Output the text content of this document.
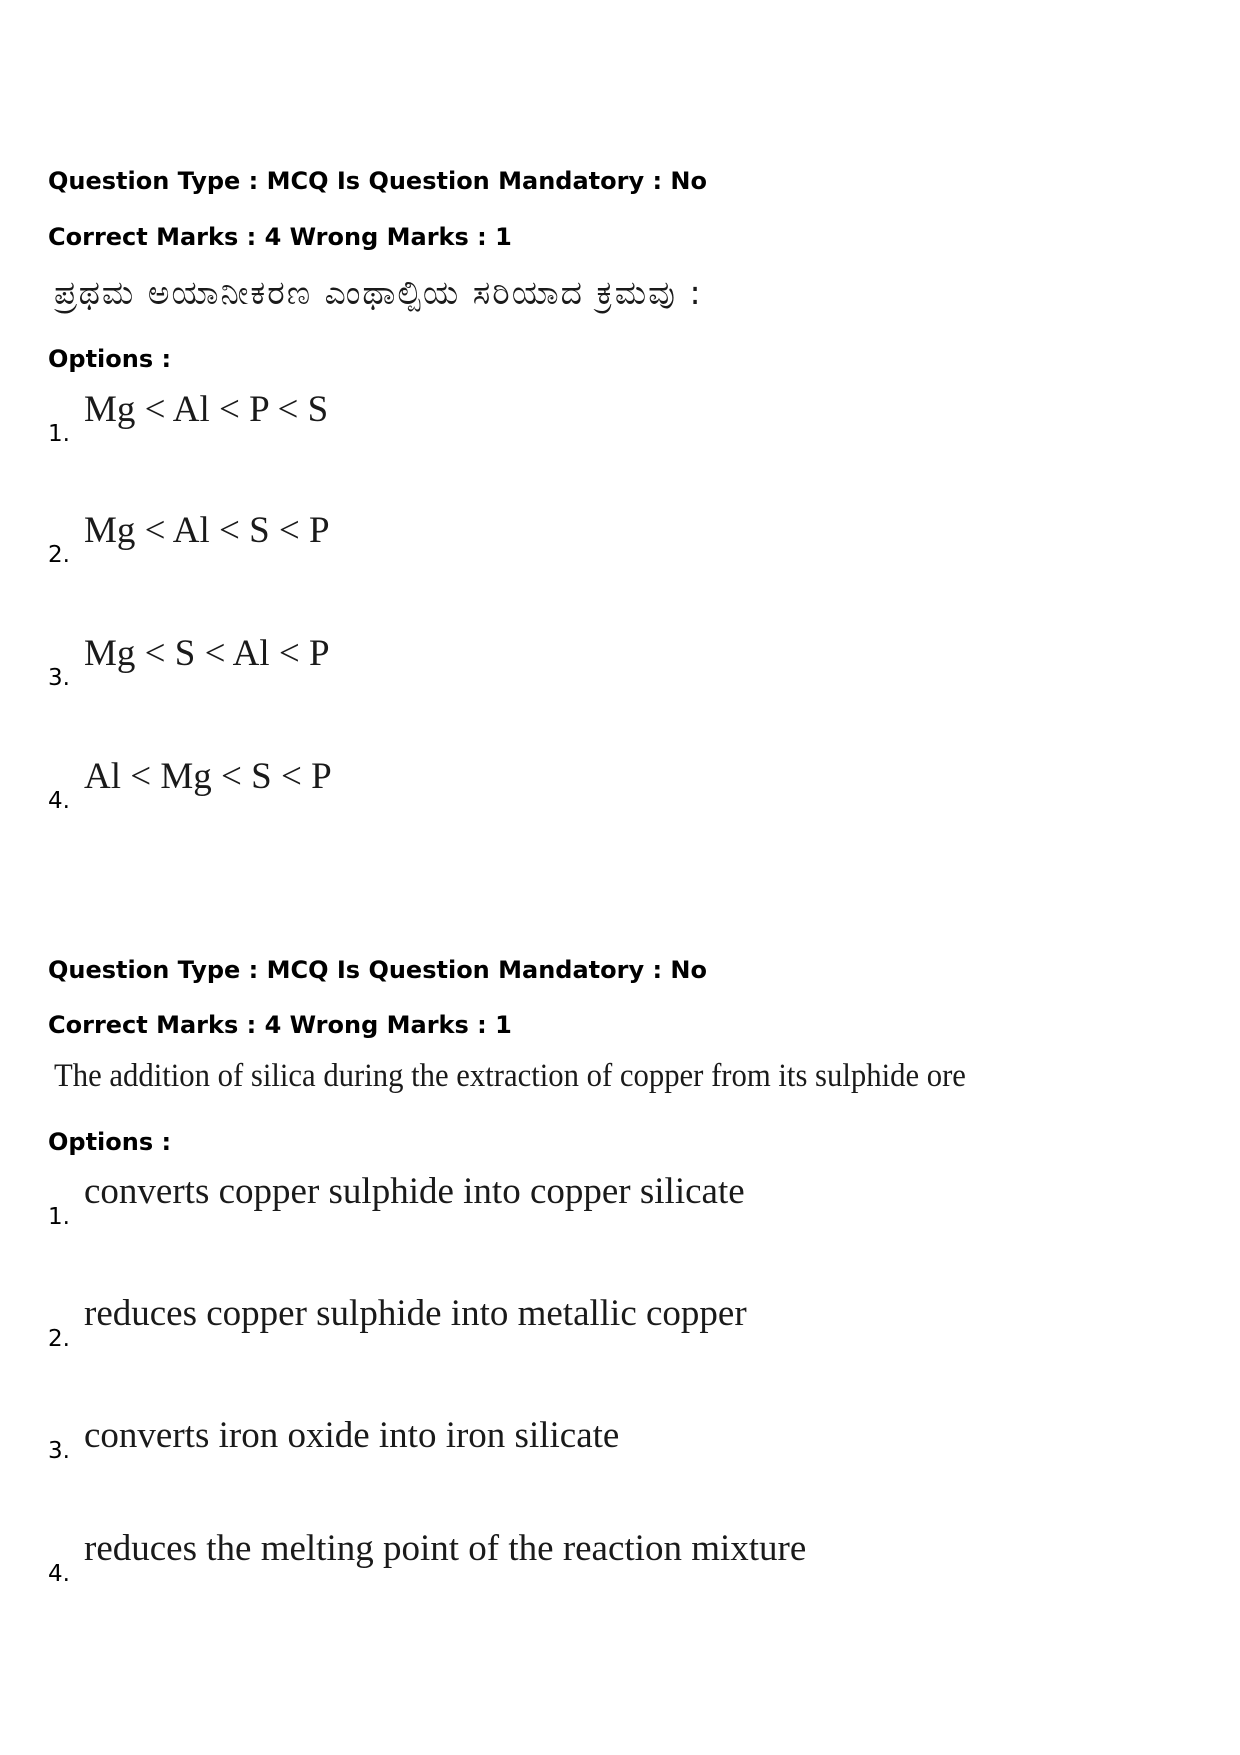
Question Type : MCQ Is Question Mandatory : No
Correct Marks : 4 Wrong Marks : 1
ಪ್ರಥಮ ಅಯಾನೀಕರಣ ಎಂಥಾಲ್ಪಿಯ ಸರಿಯಾದ ಕ್ರಮವು :
Options :
1.
Mg < Al < P < S
2.
Mg < Al < S < P
3.
Mg < S < Al < P
4.
Al < Mg < S < P
Question Type : MCQ Is Question Mandatory : No
Correct Marks : 4 Wrong Marks : 1
The addition of silica during the extraction of copper from its sulphide ore
Options :
1.
converts copper sulphide into copper silicate
2.
reduces copper sulphide into metallic copper
3. converts iron oxide into iron silicate
4.
reduces the melting point of the reaction mixture
